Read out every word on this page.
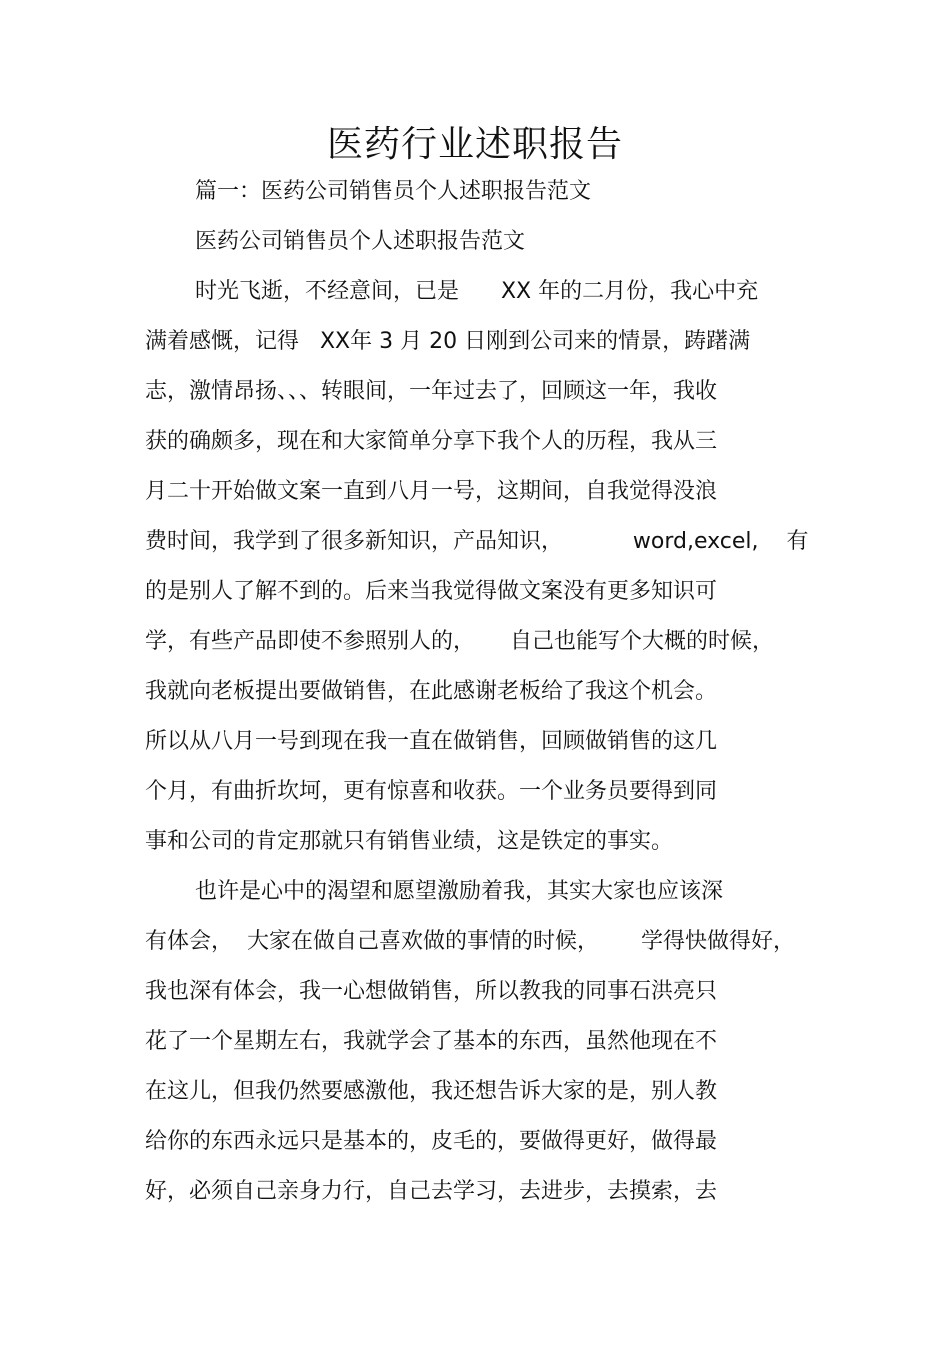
医药行业述职报告
篇一：医药公司销售员个人述职报告范文
医药公司销售员个人述职报告范文
时光飞逝，不经意间，已是      XX 年的二月份，我心中充
满着感慨，记得   XX年 3 月 20 日刚到公司来的情景，踌躇满
志，激情昂扬、、、转眼间，一年过去了，回顾这一年，我收
获的确颇多，现在和大家简单分享下我个人的历程，我从三
月二十开始做文案一直到八月一号，这期间，自我觉得没浪
费时间，我学到了很多新知识，产品知识，          word,excel,    有
的是别人了解不到的。后来当我觉得做文案没有更多知识可
学，有些产品即使不参照别人的，     自己也能写个大概的时候，
我就向老板提出要做销售，在此感谢老板给了我这个机会。
所以从八月一号到现在我一直在做销售，回顾做销售的这几
个月，有曲折坎坷，更有惊喜和收获。一个业务员要得到同
事和公司的肯定那就只有销售业绩，这是铁定的事实。
也许是心中的渴望和愿望激励着我，其实大家也应该深
有体会，  大家在做自己喜欢做的事情的时候，      学得快做得好，
我也深有体会，我一心想做销售，所以教我的同事石洪亮只
花了一个星期左右，我就学会了基本的东西，虽然他现在不
在这儿，但我仍然要感激他，我还想告诉大家的是，别人教
给你的东西永远只是基本的，皮毛的，要做得更好，做得最
好，必须自己亲身力行，自己去学习，去进步，去摸索，去
